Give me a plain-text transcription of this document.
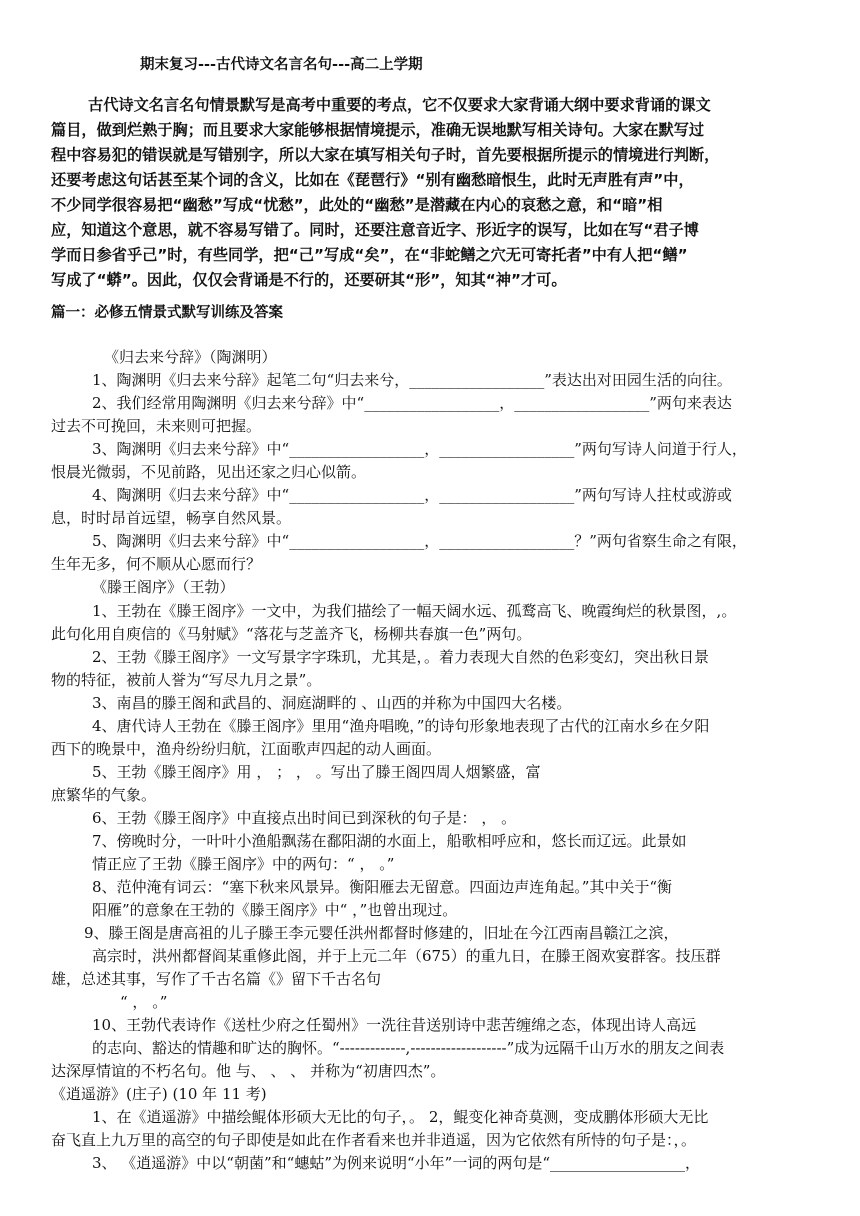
期末复习---古代诗文名言名句---高二上学期
古代诗文名言名句情景默写是高考中重要的考点，它不仅要求大家背诵大纲中要求背诵的课文
篇目，做到烂熟于胸；而且要求大家能够根据情境提示，准确无误地默写相关诗句。大家在默写过
程中容易犯的错误就是写错别字，所以大家在填写相关句子时，首先要根据所提示的情境进行判断，
还要考虑这句话甚至某个词的含义，比如在《琵琶行》“别有幽愁暗恨生，此时无声胜有声”中，
不少同学很容易把“幽愁”写成“忧愁”，此处的“幽愁”是潜藏在内心的哀愁之意，和“暗”相
应，知道这个意思，就不容易写错了。同时，还要注意音近字、形近字的误写，比如在写“君子博
学而日参省乎己”时，有些同学，把“己”写成“矣”，在“非蛇鳝之穴无可寄托者”中有人把“鳝”
写成了“蟒”。因此，仅仅会背诵是不行的，还要研其“形”，知其“神”才可。
篇一：必修五情景式默写训练及答案
《归去来兮辞》（陶渊明）
1、陶渊明《归去来兮辞》起笔二句“归去来兮，__________________”表达出对田园生活的向往。
2、我们经常用陶渊明《归去来兮辞》中“__________________，__________________”两句来表达
过去不可挽回，未来则可把握。
3、陶渊明《归去来兮辞》中“__________________，__________________”两句写诗人问道于行人，
恨晨光微弱，不见前路，见出还家之归心似箭。
4、陶渊明《归去来兮辞》中“__________________，__________________”两句写诗人拄杖或游或
息，时时昂首远望，畅享自然风景。
5、陶渊明《归去来兮辞》中“__________________，__________________？”两句省察生命之有限，
生年无多，何不顺从心愿而行？
《滕王阁序》（王勃）
1、王勃在《滕王阁序》一文中，为我们描绘了一幅天阔水远、孤鹜高飞、晚霞绚烂的秋景图，,。
此句化用自庾信的《马射赋》“落花与芝盖齐飞，杨柳共春旗一色”两句。
2、王勃《滕王阁序》一文写景字字珠玑，尤其是，。着力表现大自然的色彩变幻，突出秋日景
物的特征，被前人誉为“写尽九月之景”。
3、南昌的滕王阁和武昌的、洞庭湖畔的 、山西的并称为中国四大名楼。
4、唐代诗人王勃在《滕王阁序》里用“渔舟唱晚，”的诗句形象地表现了古代的江南水乡在夕阳
西下的晚景中，渔舟纷纷归航，江面歌声四起的动人画面。
5、王勃《滕王阁序》用 ， ； ， 。写出了滕王阁四周人烟繁盛，富
庶繁华的气象。
6、王勃《滕王阁序》中直接点出时间已到深秋的句子是： ， 。
7、傍晚时分，一叶叶小渔船飘荡在鄱阳湖的水面上，船歌相呼应和，悠长而辽远。此景如
情正应了王勃《滕王阁序》中的两句：“ ， 。”
8、范仲淹有词云：“塞下秋来风景异。衡阳雁去无留意。四面边声连角起。”其中关于“衡
阳雁”的意象在王勃的《滕王阁序》中“ ，”也曾出现过。
9、滕王阁是唐高祖的儿子滕王李元婴任洪州都督时修建的，旧址在今江西南昌赣江之滨，
高宗时，洪州都督阎某重修此阁，并于上元二年（675）的重九日，在滕王阁欢宴群客。技压群
雄，总述其事，写作了千古名篇《》留下千古名句
“ ， 。”
10、王勃代表诗作《送杜少府之任蜀州》一洗往昔送别诗中悲苦缠绵之态，体现出诗人高远
的志向、豁达的情趣和旷达的胸怀。“-------------,-------------------”成为远隔千山万水的朋友之间表
达深厚情谊的不朽名句。他 与、 、 、 并称为“初唐四杰”。
《逍遥游》(庄子) (10 年 11 考)
1、在《逍遥游》中描绘鲲体形硕大无比的句子，。 2，鲲变化神奇莫测，变成鹏体形硕大无比
奋飞直上九万里的高空的句子即使是如此在作者看来也并非逍遥，因为它依然有所恃的句子是：，。
3、 《逍遥游》中以“朝菌”和“蟪蛄”为例来说明“小年”一词的两句是“__________________，
